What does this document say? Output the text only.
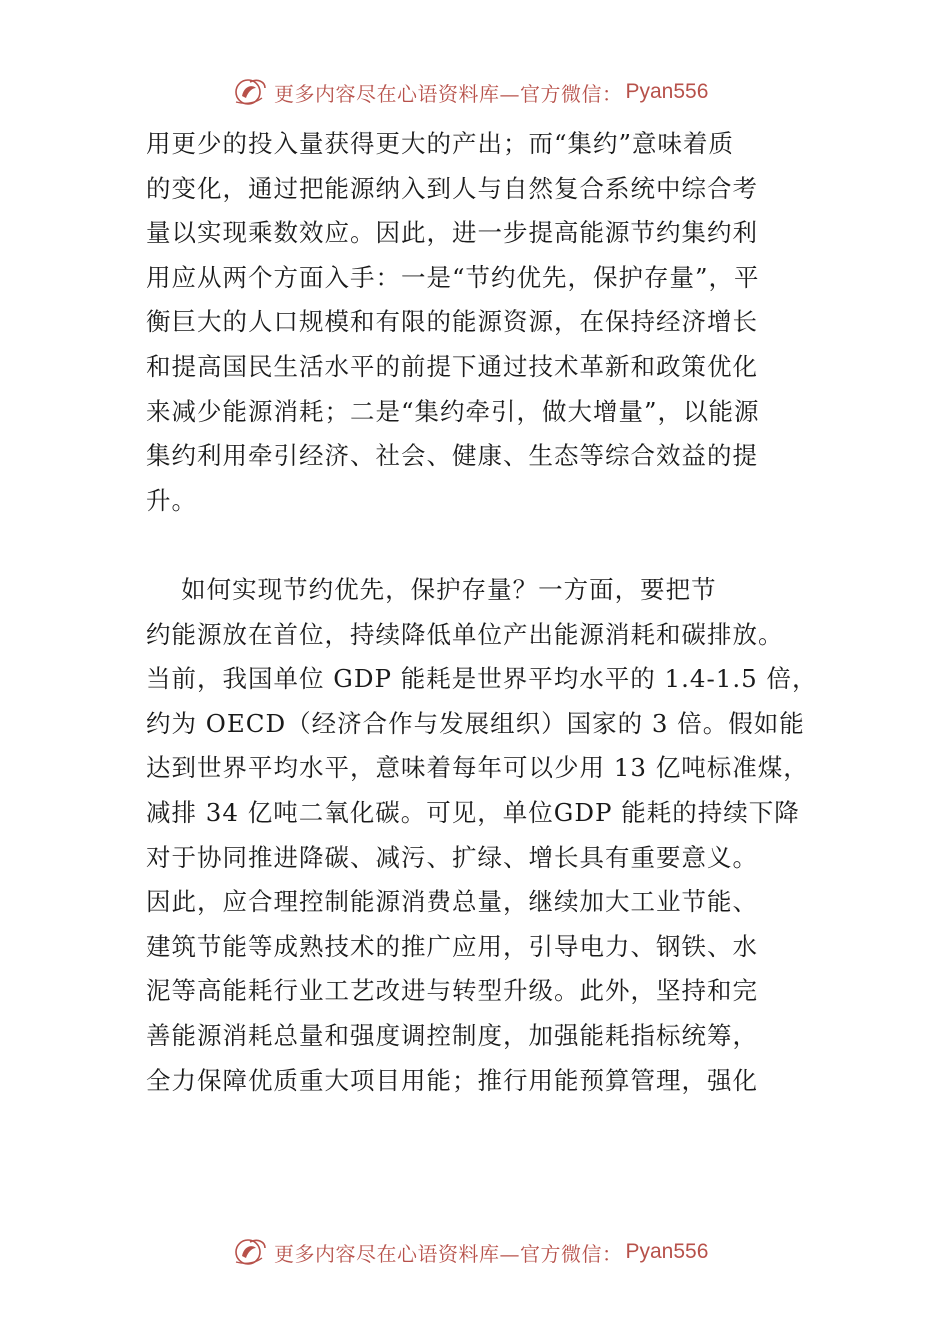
更多内容尽在心语资料库—官方微信： Pyan556
用更少的投入量获得更大的产出；而“集约”意味着质
的变化，通过把能源纳入到人与自然复合系统中综合考
量以实现乘数效应。因此，进一步提高能源节约集约利
用应从两个方面入手：一是“节约优先，保护存量”，平
衡巨大的人口规模和有限的能源资源，在保持经济增长
和提高国民生活水平的前提下通过技术革新和政策优化
来减少能源消耗；二是“集约牵引，做大增量”，以能源
集约利用牵引经济、社会、健康、生态等综合效益的提
升。
如何实现节约优先，保护存量？一方面，要把节
约能源放在首位，持续降低单位产出能源消耗和碳排放。
当前，我国单位 GDP 能耗是世界平均水平的 1.4-1.5 倍，
约为 OECD（经济合作与发展组织）国家的 3 倍。假如能
达到世界平均水平，意味着每年可以少用 13 亿吨标准煤，
减排 34 亿吨二氧化碳。可见，单位GDP 能耗的持续下降
对于协同推进降碳、减污、扩绿、增长具有重要意义。
因此，应合理控制能源消费总量，继续加大工业节能、
建筑节能等成熟技术的推广应用，引导电力、钢铁、水
泥等高能耗行业工艺改进与转型升级。此外，坚持和完
善能源消耗总量和强度调控制度，加强能耗指标统筹，
全力保障优质重大项目用能；推行用能预算管理，强化
更多内容尽在心语资料库—官方微信： Pyan556
